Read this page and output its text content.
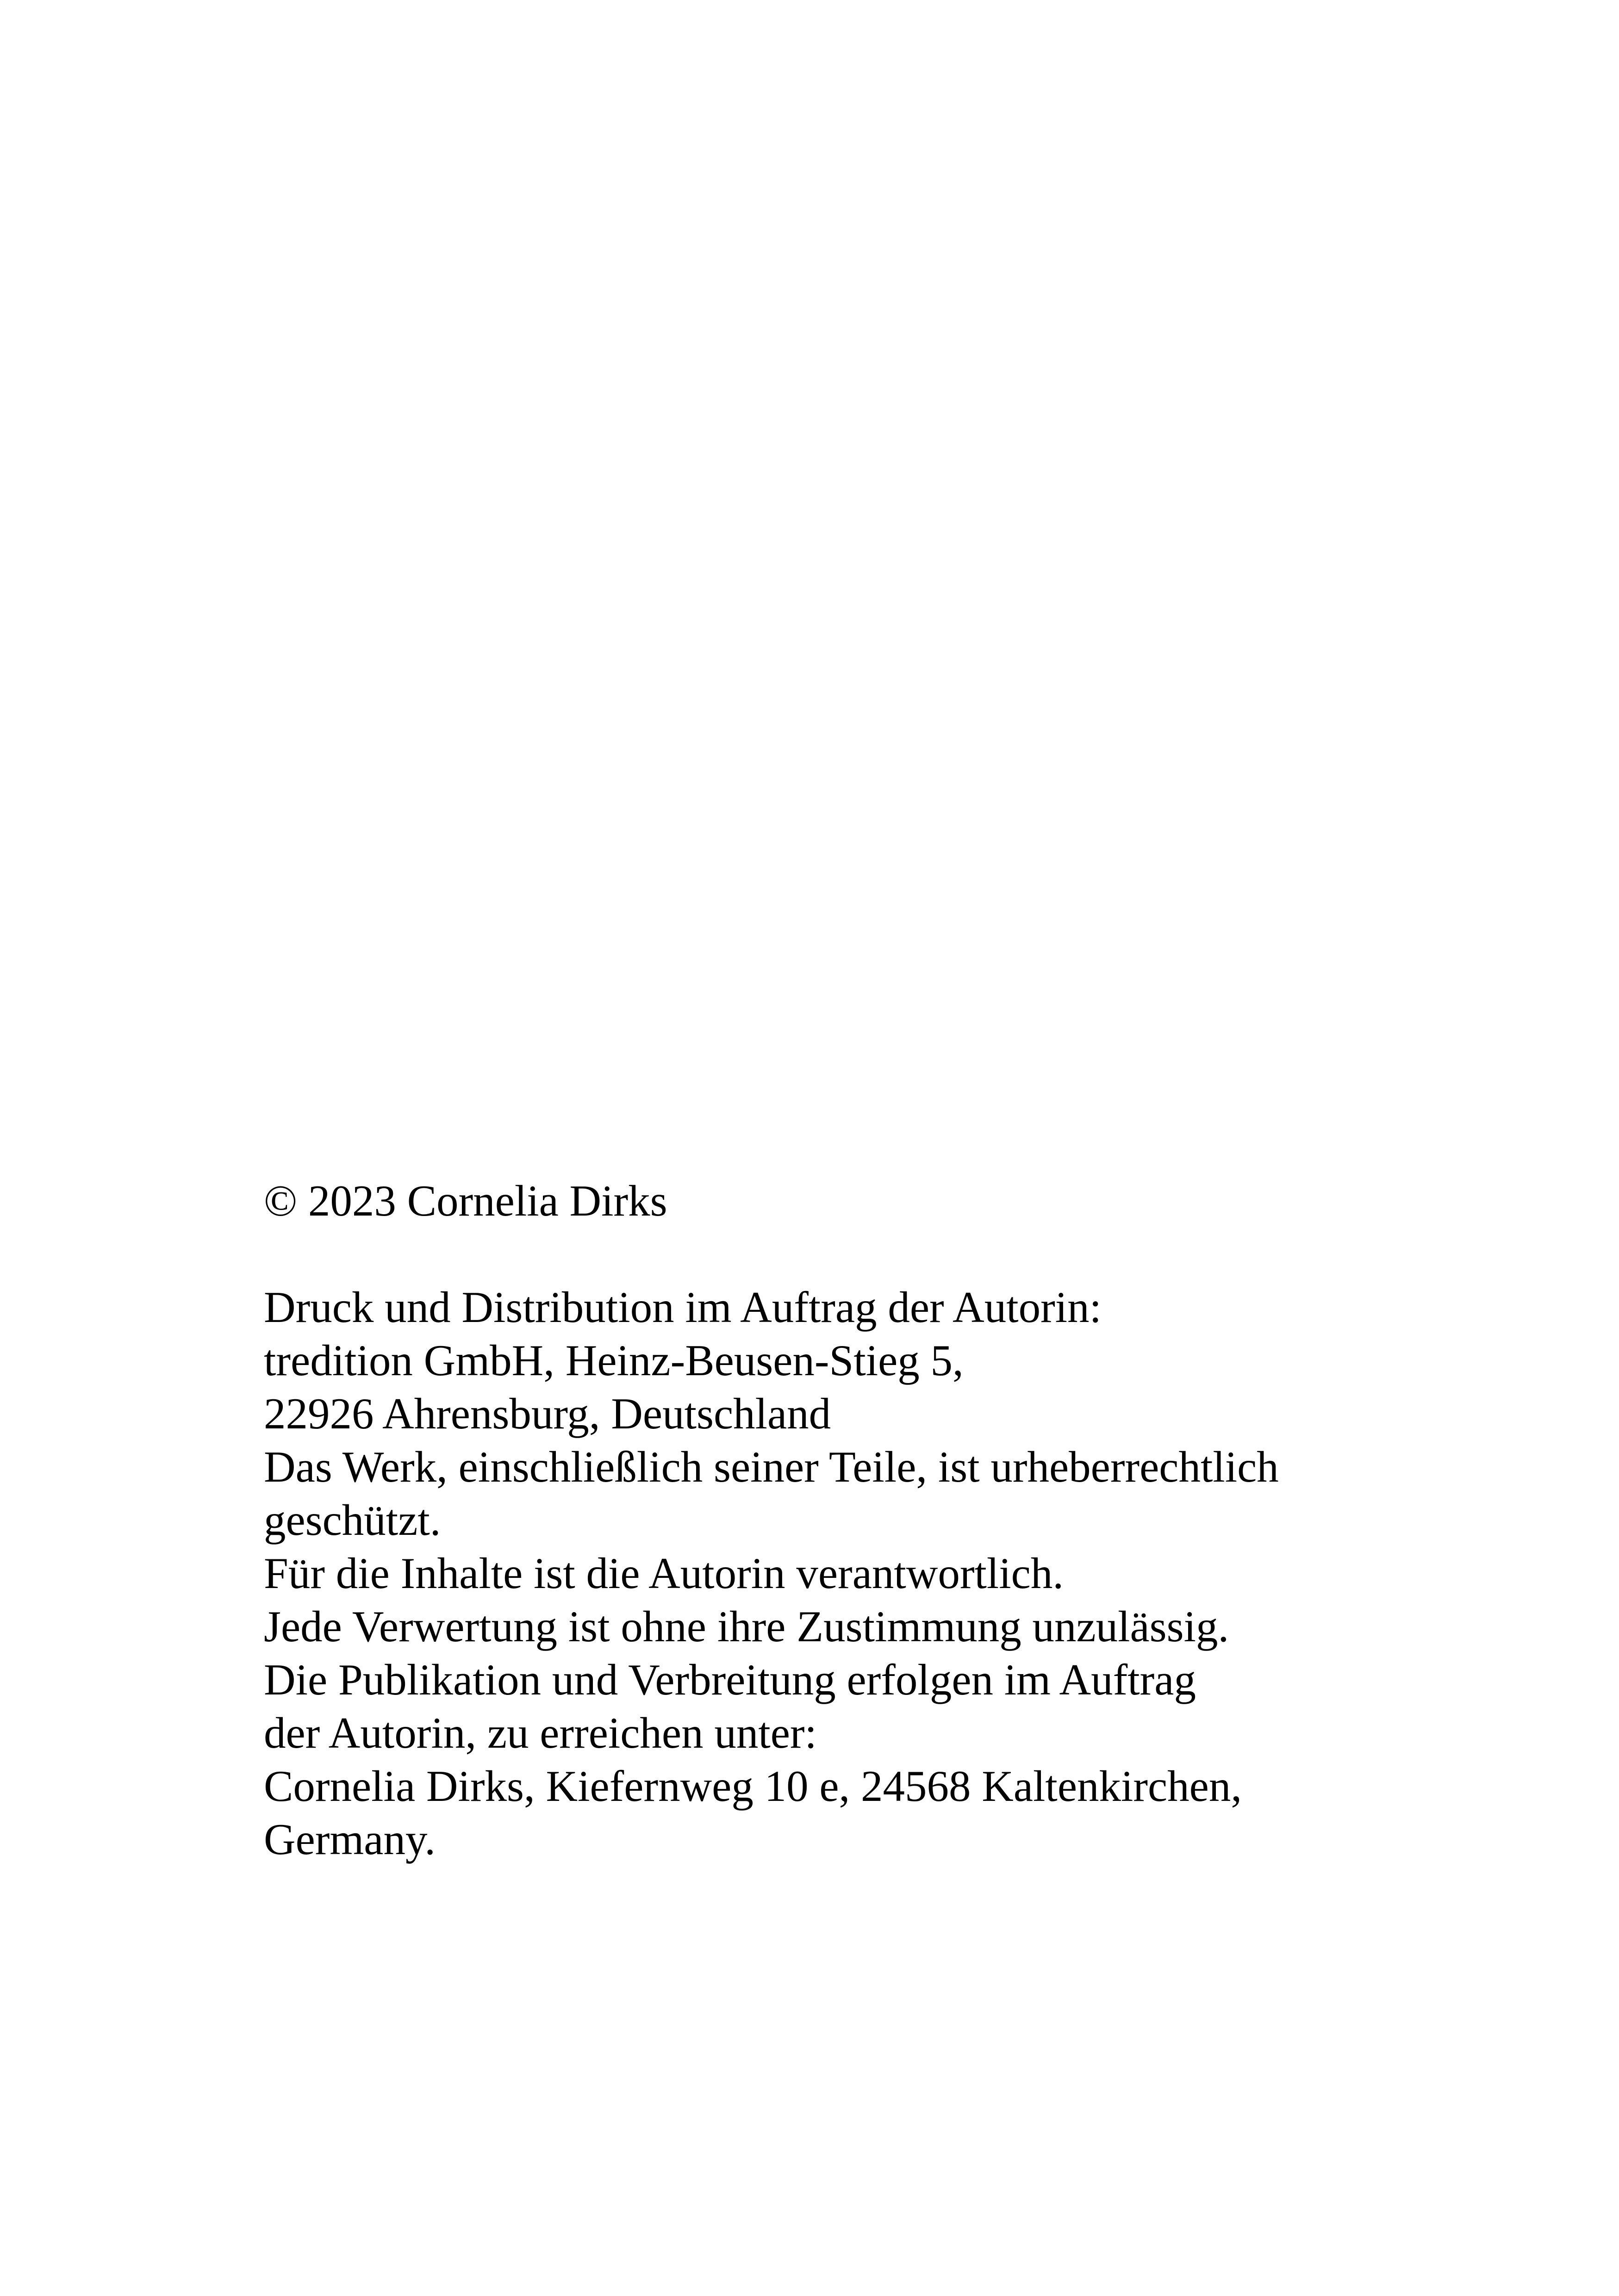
© 2023 Cornelia Dirks
Druck und Distribution im Auftrag der Autorin:
tredition GmbH, Heinz-Beusen-Stieg 5,
22926 Ahrensburg, Deutschland
Das Werk, einschließlich seiner Teile, ist urheberrechtlich
geschützt.
Für die Inhalte ist die Autorin verantwortlich.
Jede Verwertung ist ohne ihre Zustimmung unzulässig.
Die Publikation und Verbreitung erfolgen im Auftrag
der Autorin, zu erreichen unter:
Cornelia Dirks, Kiefernweg 10 e, 24568 Kaltenkirchen,
Germany.
